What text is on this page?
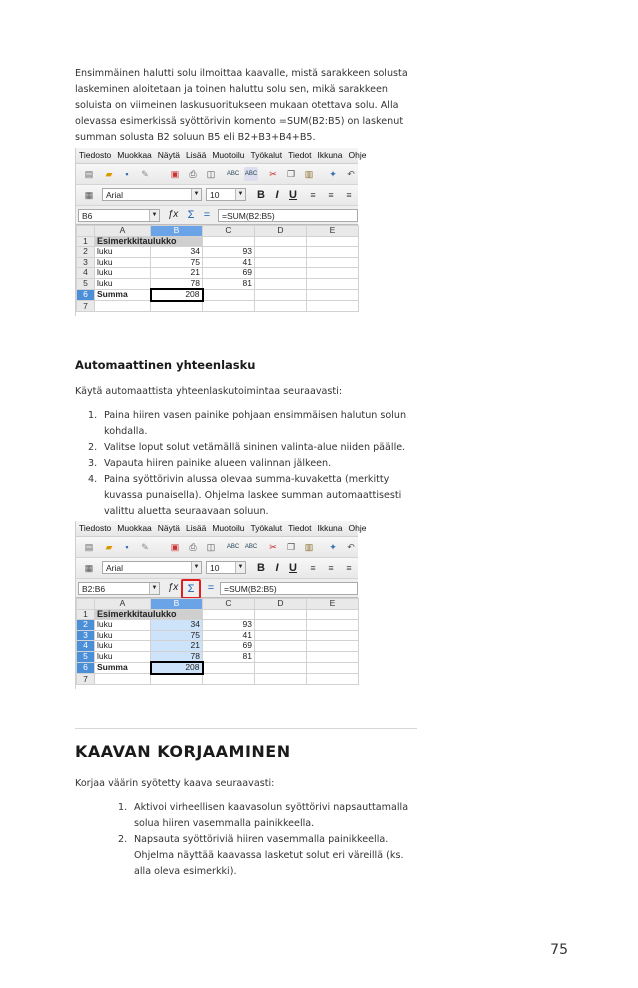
Ensimmäinen halutti solu ilmoittaa kaavalle, mistä sarakkeen solusta laskeminen aloitetaan ja toinen haluttu solu sen, mikä sarakkeen soluista on viimeinen laskusuoritukseen mukaan otettava solu. Alla olevassa esimerkissä syöttörivin komento =SUM(B2:B5) on laskenut summan solusta B2 soluun B5 eli B2+B3+B4+B5.
Tiedosto Muokkaa Näytä Lisää Muotoilu Työkalut Tiedot Ikkuna Ohje
▤	▰	▪	✎	▣	⎙	◫	ABC ABC	✂	❐	▥	✦	↶
▦	Arial	▼	10	▼ B I U	≡	≡	≡
B6	▼ ƒx Σ =	=SUM(B2:B5)
	A	B	C	D	E
1	Esimerkkitaulukko				
2	luku	34	93		
3	luku	75	41		
4	luku	21	69		
5	luku	78	81		
6	Summa	208			
7					
Automaattinen yhteenlasku
Käytä automaattista yhteenlaskutoimintaa seuraavasti:
1. Paina hiiren vasen painike pohjaan ensimmäisen halutun solun kohdalla.
2. Valitse loput solut vetämällä sininen valinta-alue niiden päälle.
3. Vapauta hiiren painike alueen valinnan jälkeen.
4. Paina syöttörivin alussa olevaa summa-kuvaketta (merkitty kuvassa punaisella). Ohjelma laskee summan automaattisesti valittu aluetta seuraavaan soluun.
Tiedosto Muokkaa Näytä Lisää Muotoilu Työkalut Tiedot Ikkuna Ohje
▤	▰	▪	✎	▣	⎙	◫	ABC ABC	✂	❐	▥	✦	↶
▦	Arial	▼	10	▼ B I U	≡	≡	≡
B2:B6	▼ ƒx Σ	=	=SUM(B2:B5)
	A	B	C	D	E
1	Esimerkkitaulukko				
2	luku	34	93		
3	luku	75	41		
4	luku	21	69		
5	luku	78	81		
6	Summa	208			
7					
KAAVAN KORJAAMINEN
Korjaa väärin syötetty kaava seuraavasti:
1. Aktivoi virheellisen kaavasolun syöttörivi napsauttamalla solua hiiren vasemmalla painikkeella.
2. Napsauta syöttöriviä hiiren vasemmalla painikkeella. Ohjelma näyttää kaavassa lasketut solut eri väreillä (ks. alla oleva esimerkki).
75
